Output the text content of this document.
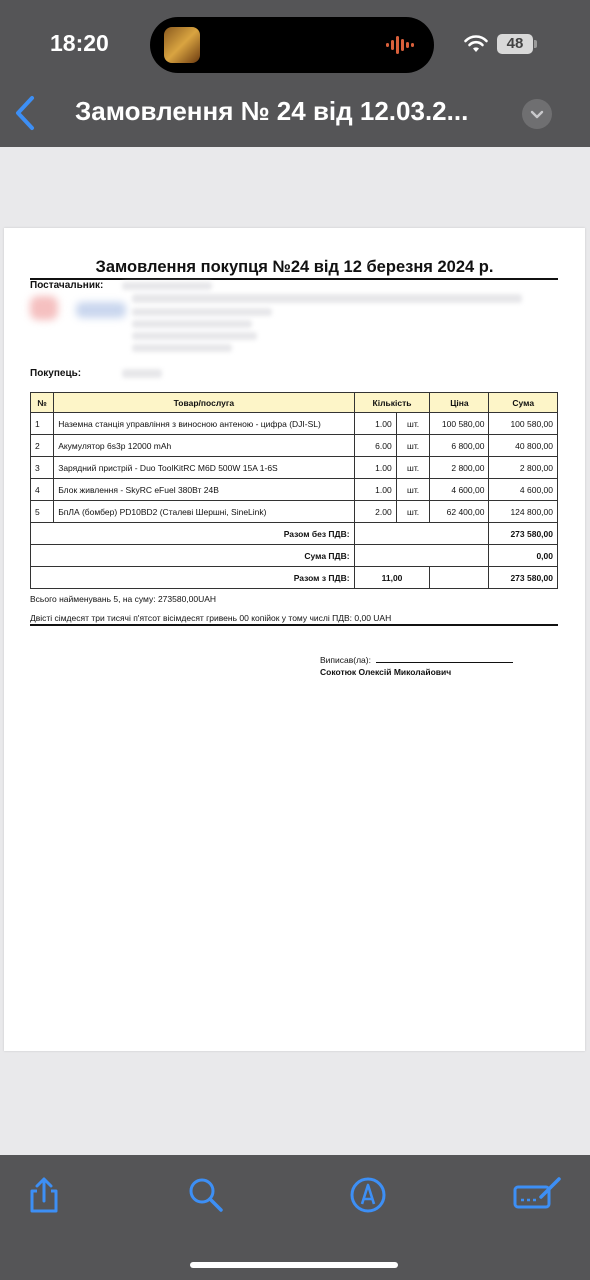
18:20	48
Замовлення № 24 від 12.03.2...
Замовлення покупця №24 від 12 березня 2024 р.
Постачальник:
Покупець:
№	Товар/послуга	Кількість		Ціна	Сума
1	Наземна станція управління з виносною антеною - цифра (DJI-SL)	1.00	шт.	100 580,00	100 580,00
2	Акумулятор 6s3p 12000 mAh	6.00	шт.	6 800,00	40 800,00
3	Зарядний пристрій - Duo ToolKitRC M6D 500W 15A 1-6S	1.00	шт.	2 800,00	2 800,00
4	Блок живлення - SkyRC eFuel 380Вт 24В	1.00	шт.	4 600,00	4 600,00
5	БпЛА (бомбер) PD10BD2 (Сталеві Шершні, SineLink)	2.00	шт.	62 400,00	124 800,00
Разом без ПДВ:					273 580,00
Сума ПДВ:					0,00
Разом з ПДВ:		11,00			273 580,00
Всього найменувань 5, на суму: 273580,00UAH
Двісті сімдесят три тисячі п'ятсот вісімдесят гривень 00 копійок у тому числі ПДВ: 0,00 UAH
Виписав(ла):
Сокотюк Олексій Миколайович
